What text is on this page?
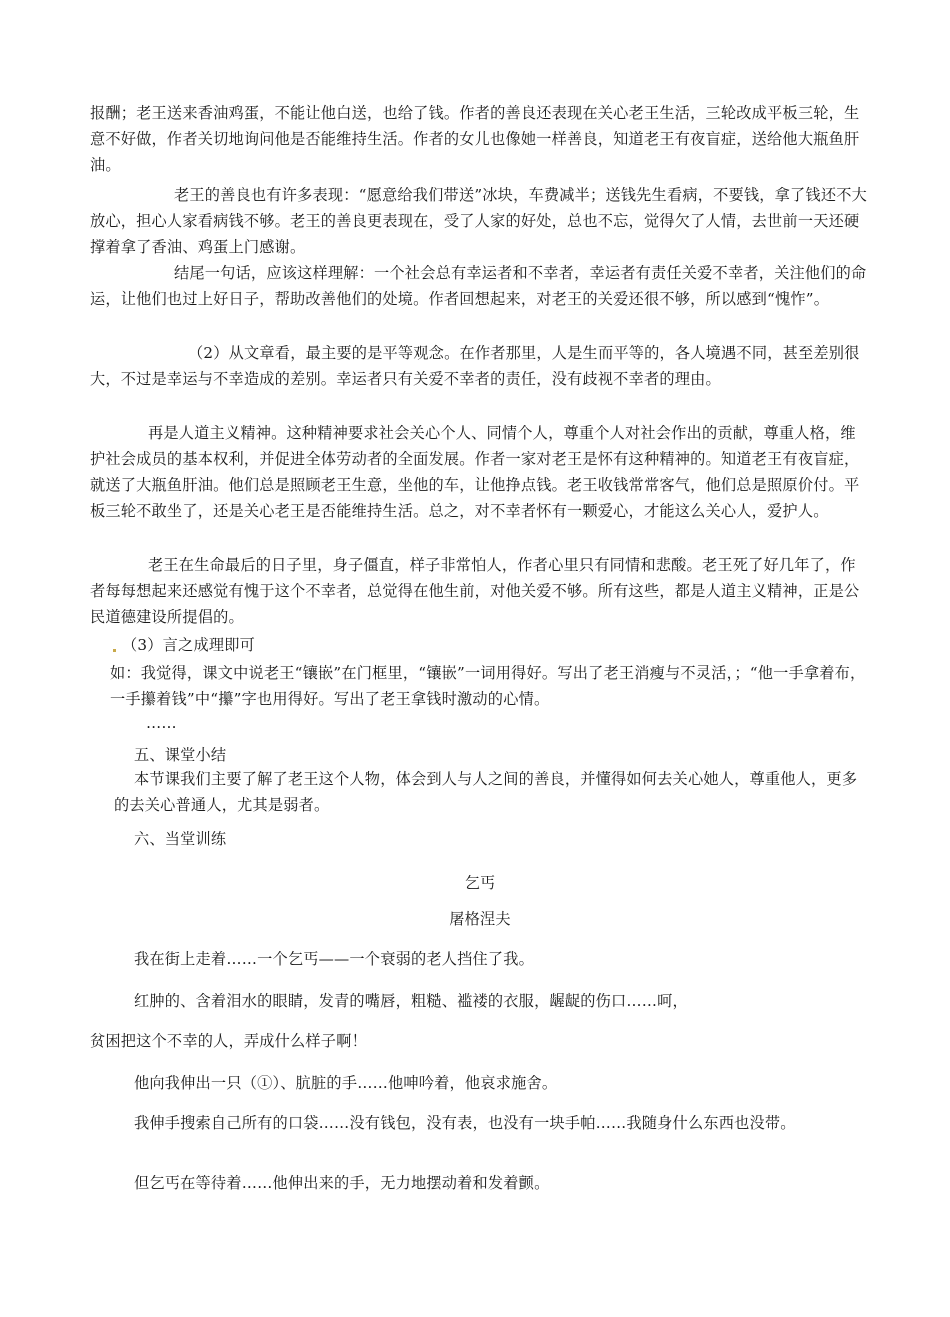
报酬；老王送来香油鸡蛋，不能让他白送，也给了钱。作者的善良还表现在关心老王生活，三轮改成平板三轮，生意不好做，作者关切地询问他是否能维持生活。作者的女儿也像她一样善良，知道老王有夜盲症，送给他大瓶鱼肝油。

老王的善良也有许多表现：“愿意给我们带送”冰块，车费减半；送钱先生看病，不要钱，拿了钱还不大放心，担心人家看病钱不够。老王的善良更表现在，受了人家的好处，总也不忘，觉得欠了人情，去世前一天还硬撑着拿了香油、鸡蛋上门感谢。

结尾一句话，应该这样理解：一个社会总有幸运者和不幸者，幸运者有责任关爱不幸者，关注他们的命运，让他们也过上好日子，帮助改善他们的处境。作者回想起来，对老王的关爱还很不够，所以感到“愧怍”。

（2）从文章看，最主要的是平等观念。在作者那里，人是生而平等的，各人境遇不同，甚至差别很大，不过是幸运与不幸造成的差别。幸运者只有关爱不幸者的责任，没有歧视不幸者的理由。

再是人道主义精神。这种精神要求社会关心个人、同情个人，尊重个人对社会作出的贡献，尊重人格，维护社会成员的基本权利，并促进全体劳动者的全面发展。作者一家对老王是怀有这种精神的。知道老王有夜盲症，就送了大瓶鱼肝油。他们总是照顾老王生意，坐他的车，让他挣点钱。老王收钱常常客气，他们总是照原价付。平板三轮不敢坐了，还是关心老王是否能维持生活。总之，对不幸者怀有一颗爱心，才能这么关心人，爱护人。

老王在生命最后的日子里，身子僵直，样子非常怕人，作者心里只有同情和悲酸。老王死了好几年了，作者每每想起来还感觉有愧于这个不幸者，总觉得在他生前，对他关爱不够。所有这些，都是人道主义精神，正是公民道德建设所提倡的。

（3）言之成理即可

如：我觉得，课文中说老王“镶嵌”在门框里，“镶嵌”一词用得好。写出了老王消瘦与不灵活，；“他一手拿着布，一手攥着钱”中“攥”字也用得好。写出了老王拿钱时激动的心情。

……

五、课堂小结

本节课我们主要了解了老王这个人物，体会到人与人之间的善良，并懂得如何去关心她人，尊重他人，更多的去关心普通人，尤其是弱者。

六、当堂训练

乞丐

屠格涅夫

我在街上走着……一个乞丐——一个衰弱的老人挡住了我。

红肿的、含着泪水的眼睛，发青的嘴唇，粗糙、褴褛的衣服，龌龊的伤口……呵，

贫困把这个不幸的人，弄成什么样子啊！

他向我伸出一只（①）、肮脏的手……他呻吟着，他哀求施舍。

我伸手搜索自己所有的口袋……没有钱包，没有表，也没有一块手帕……我随身什么东西也没带。

但乞丐在等待着……他伸出来的手，无力地摆动着和发着颤。
